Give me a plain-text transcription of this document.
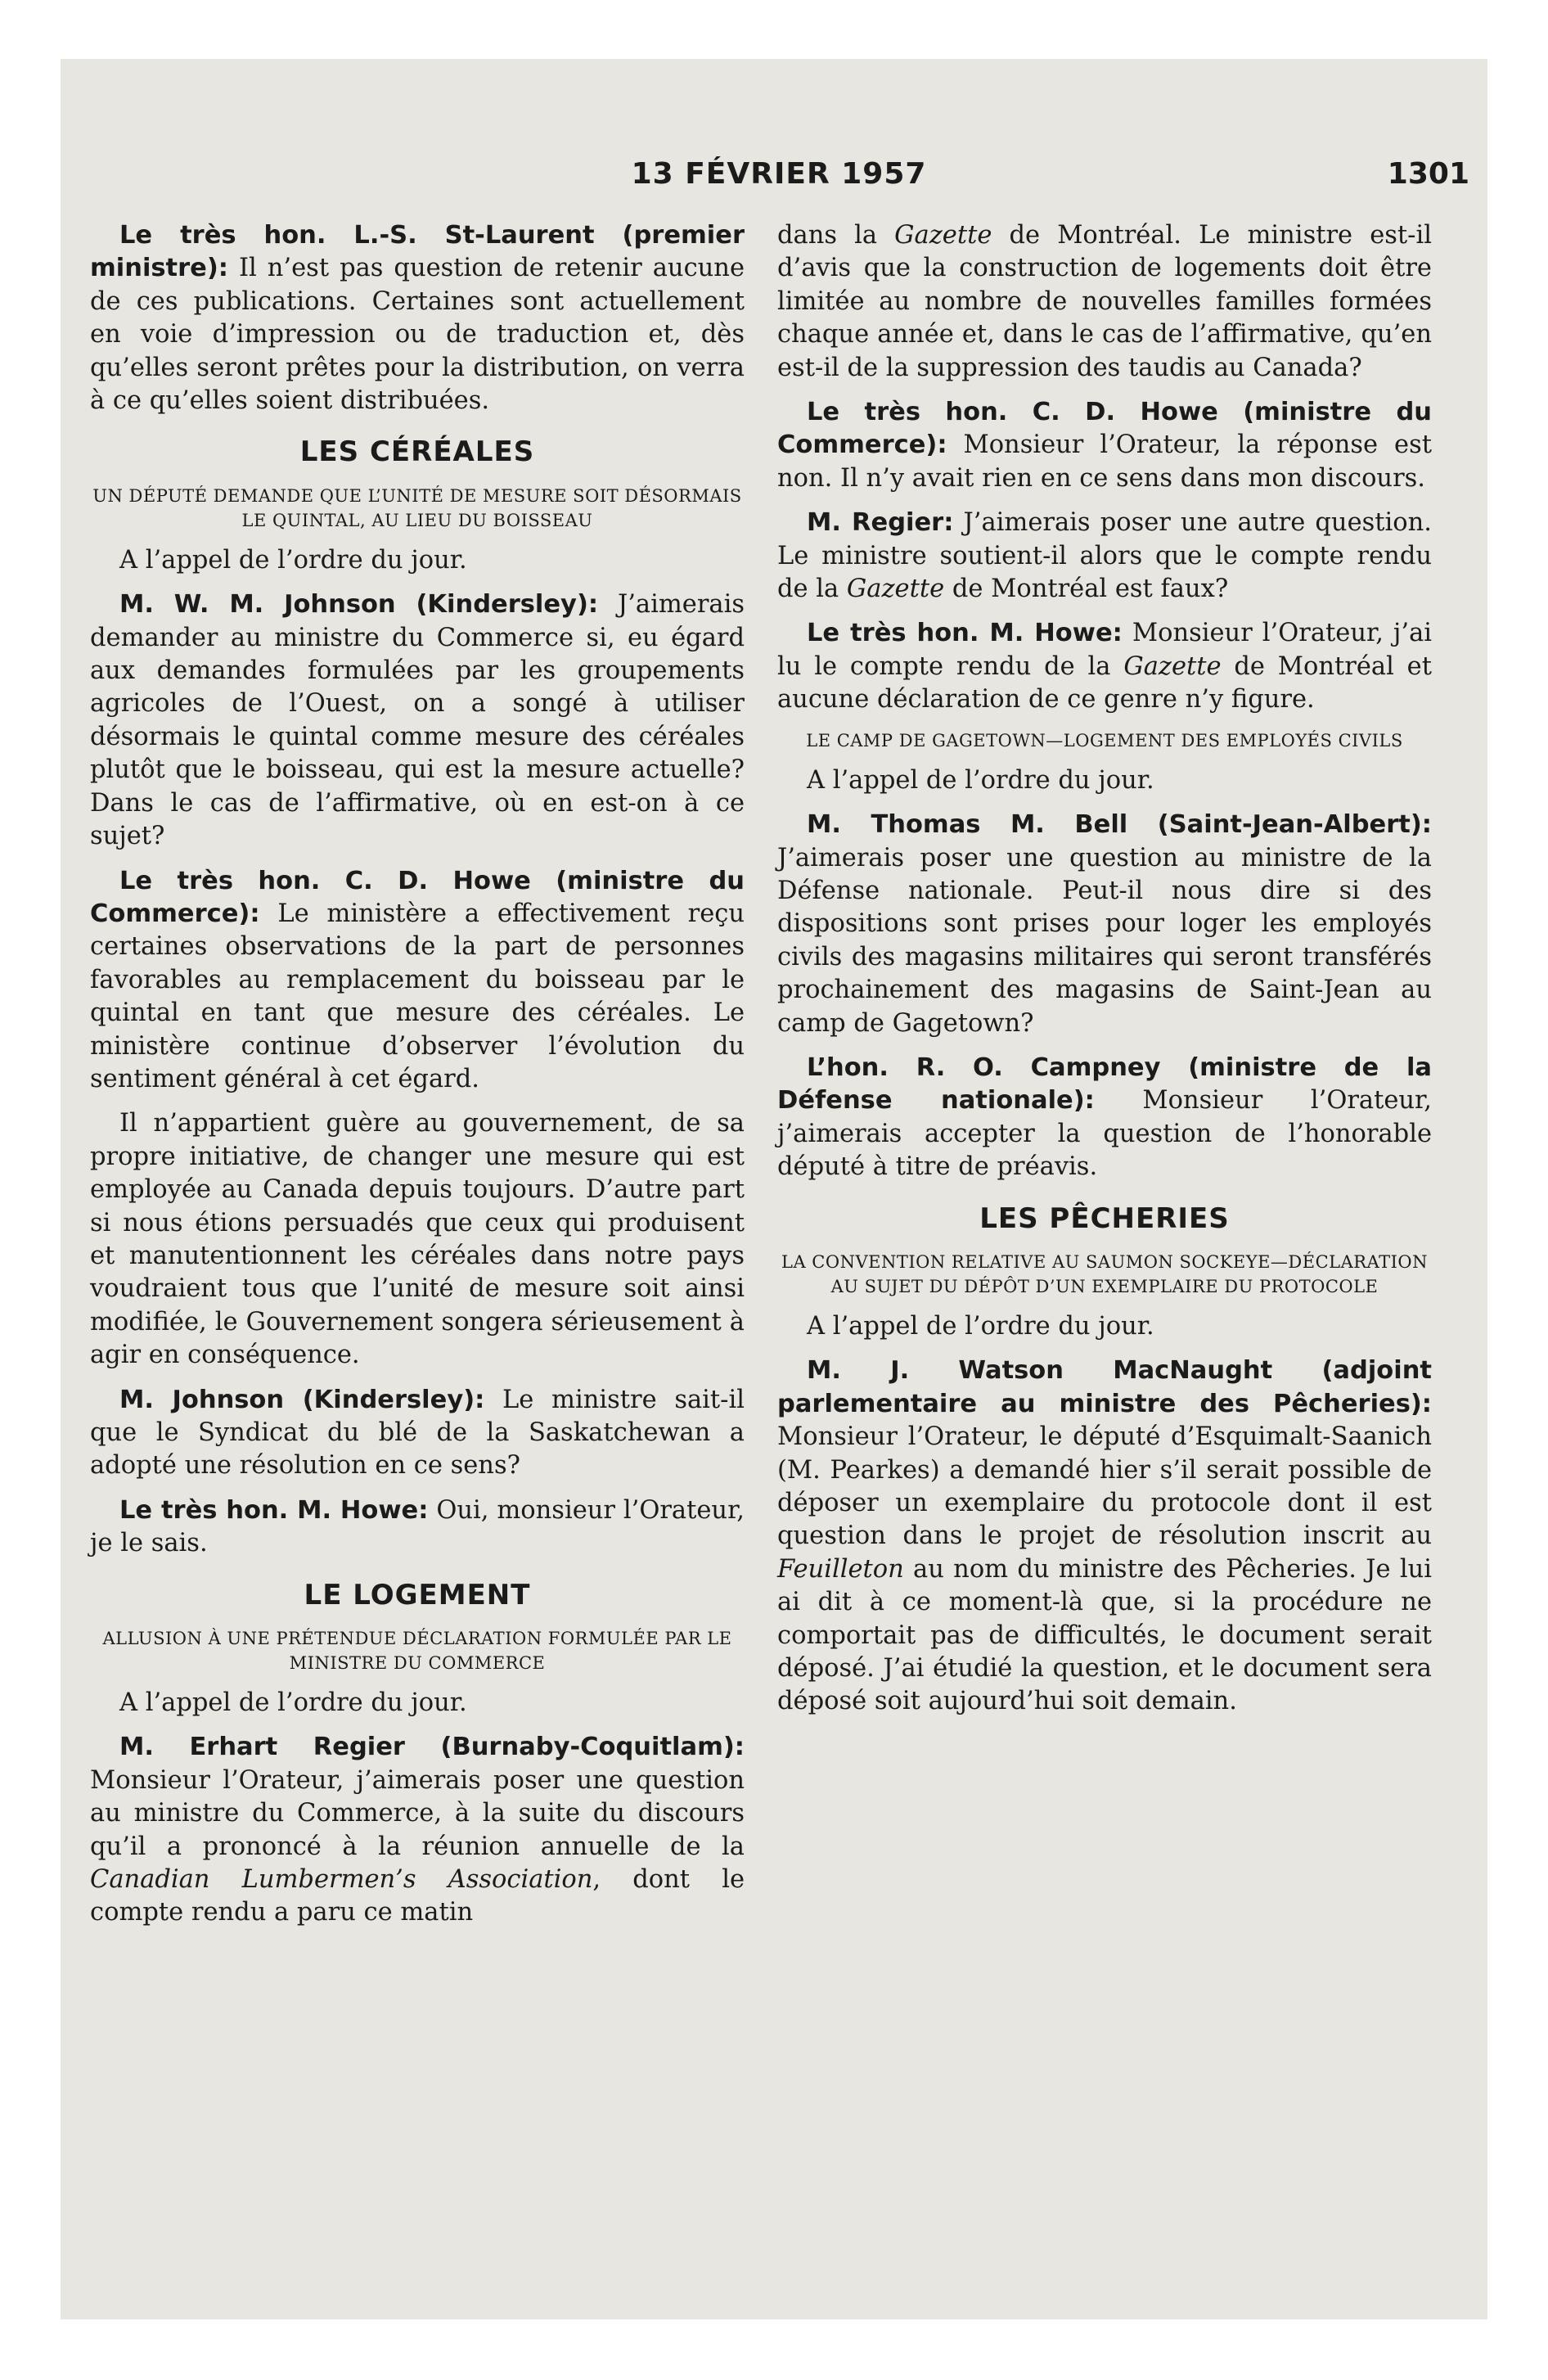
13 FÉVRIER 1957	1301

Le très hon. L.-S. St-Laurent (premier ministre): Il n’est pas question de retenir aucune de ces publications. Certaines sont actuellement en voie d’impression ou de traduction et, dès qu’elles seront prêtes pour la distribution, on verra à ce qu’elles soient distribuées.

LES CÉRÉALES
UN DÉPUTÉ DEMANDE QUE L’UNITÉ DE MESURE SOIT DÉSORMAIS LE QUINTAL, AU LIEU DU BOISSEAU

A l’appel de l’ordre du jour.

M. W. M. Johnson (Kindersley): J’aimerais demander au ministre du Commerce si, eu égard aux demandes formulées par les groupements agricoles de l’Ouest, on a songé à utiliser désormais le quintal comme mesure des céréales plutôt que le boisseau, qui est la mesure actuelle? Dans le cas de l’affirmative, où en est-on à ce sujet?

Le très hon. C. D. Howe (ministre du Commerce): Le ministère a effectivement reçu certaines observations de la part de personnes favorables au remplacement du boisseau par le quintal en tant que mesure des céréales. Le ministère continue d’observer l’évolution du sentiment général à cet égard.

Il n’appartient guère au gouvernement, de sa propre initiative, de changer une mesure qui est employée au Canada depuis toujours. D’autre part si nous étions persuadés que ceux qui produisent et manutentionnent les céréales dans notre pays voudraient tous que l’unité de mesure soit ainsi modifiée, le Gouvernement songera sérieusement à agir en conséquence.

M. Johnson (Kindersley): Le ministre sait-il que le Syndicat du blé de la Saskatchewan a adopté une résolution en ce sens?

Le très hon. M. Howe: Oui, monsieur l’Orateur, je le sais.

LE LOGEMENT
ALLUSION À UNE PRÉTENDUE DÉCLARATION FORMULÉE PAR LE MINISTRE DU COMMERCE

A l’appel de l’ordre du jour.

M. Erhart Regier (Burnaby-Coquitlam): Monsieur l’Orateur, j’aimerais poser une question au ministre du Commerce, à la suite du discours qu’il a prononcé à la réunion annuelle de la Canadian Lumbermen’s Association, dont le compte rendu a paru ce matin

dans la Gazette de Montréal. Le ministre est-il d’avis que la construction de logements doit être limitée au nombre de nouvelles familles formées chaque année et, dans le cas de l’affirmative, qu’en est-il de la suppression des taudis au Canada?

Le très hon. C. D. Howe (ministre du Commerce): Monsieur l’Orateur, la réponse est non. Il n’y avait rien en ce sens dans mon discours.

M. Regier: J’aimerais poser une autre question. Le ministre soutient-il alors que le compte rendu de la Gazette de Montréal est faux?

Le très hon. M. Howe: Monsieur l’Orateur, j’ai lu le compte rendu de la Gazette de Montréal et aucune déclaration de ce genre n’y figure.

LE CAMP DE GAGETOWN—LOGEMENT DES EMPLOYÉS CIVILS

A l’appel de l’ordre du jour.

M. Thomas M. Bell (Saint-Jean-Albert): J’aimerais poser une question au ministre de la Défense nationale. Peut-il nous dire si des dispositions sont prises pour loger les employés civils des magasins militaires qui seront transférés prochainement des magasins de Saint-Jean au camp de Gagetown?

L’hon. R. O. Campney (ministre de la Défense nationale): Monsieur l’Orateur, j’aimerais accepter la question de l’honorable député à titre de préavis.

LES PÊCHERIES
LA CONVENTION RELATIVE AU SAUMON SOCKEYE—DÉCLARATION AU SUJET DU DÉPÔT D’UN EXEMPLAIRE DU PROTOCOLE

A l’appel de l’ordre du jour.

M. J. Watson MacNaught (adjoint parlementaire au ministre des Pêcheries): Monsieur l’Orateur, le député d’Esquimalt-Saanich (M. Pearkes) a demandé hier s’il serait possible de déposer un exemplaire du protocole dont il est question dans le projet de résolution inscrit au Feuilleton au nom du ministre des Pêcheries. Je lui ai dit à ce moment-là que, si la procédure ne comportait pas de difficultés, le document serait déposé. J’ai étudié la question, et le document sera déposé soit aujourd’hui soit demain.
